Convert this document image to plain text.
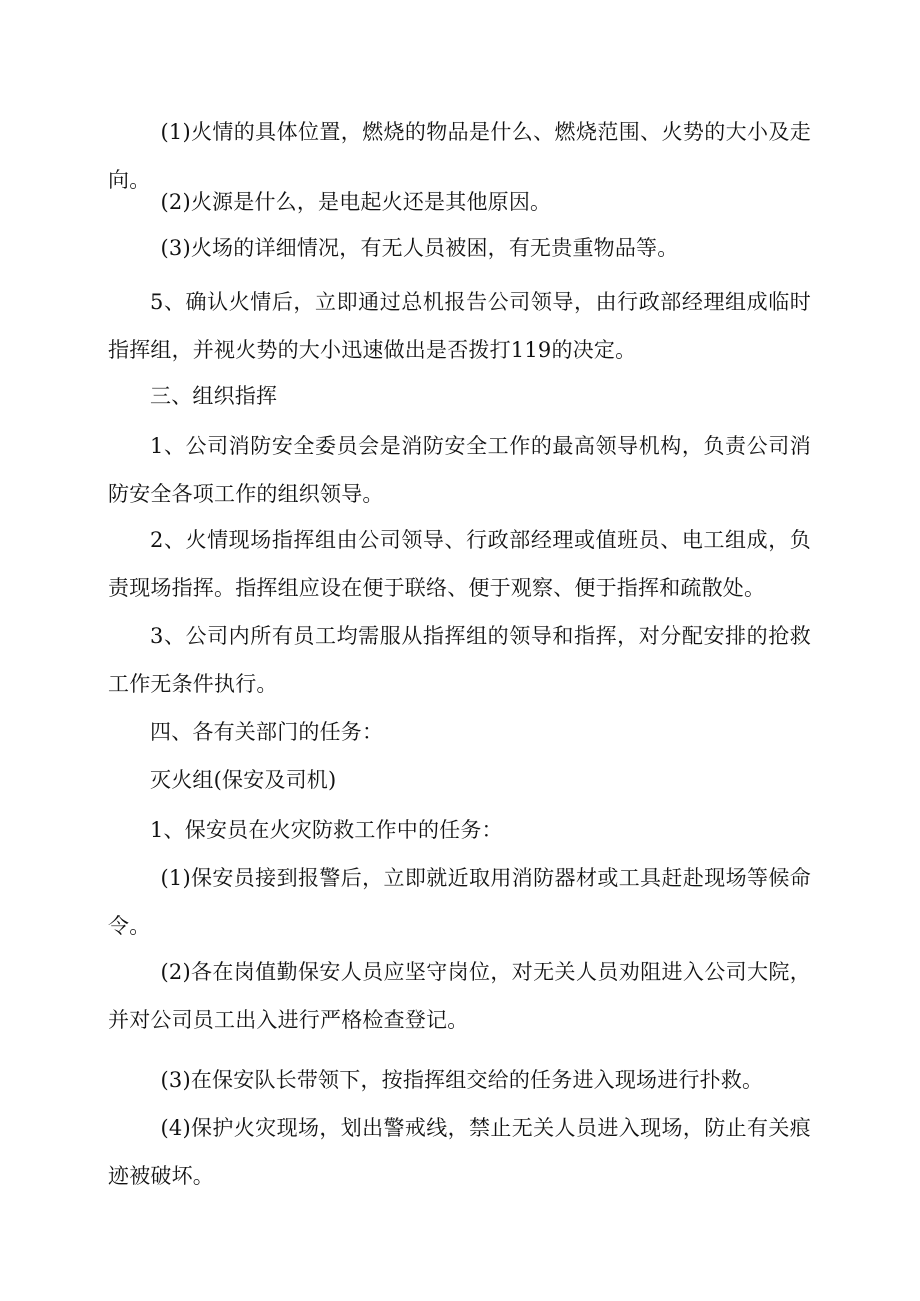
(1)火情的具体位置，燃烧的物品是什么、燃烧范围、火势的大小及走向。

(2)火源是什么，是电起火还是其他原因。

(3)火场的详细情况，有无人员被困，有无贵重物品等。

5、确认火情后，立即通过总机报告公司领导，由行政部经理组成临时指挥组，并视火势的大小迅速做出是否拨打119的决定。

三、组织指挥

1、公司消防安全委员会是消防安全工作的最高领导机构，负责公司消防安全各项工作的组织领导。

2、火情现场指挥组由公司领导、行政部经理或值班员、电工组成，负责现场指挥。指挥组应设在便于联络、便于观察、便于指挥和疏散处。

3、公司内所有员工均需服从指挥组的领导和指挥，对分配安排的抢救工作无条件执行。

四、各有关部门的任务：

灭火组(保安及司机)

1、保安员在火灾防救工作中的任务：

(1)保安员接到报警后，立即就近取用消防器材或工具赶赴现场等候命令。

(2)各在岗值勤保安人员应坚守岗位，对无关人员劝阻进入公司大院，并对公司员工出入进行严格检查登记。

(3)在保安队长带领下，按指挥组交给的任务进入现场进行扑救。

(4)保护火灾现场，划出警戒线，禁止无关人员进入现场，防止有关痕迹被破坏。
